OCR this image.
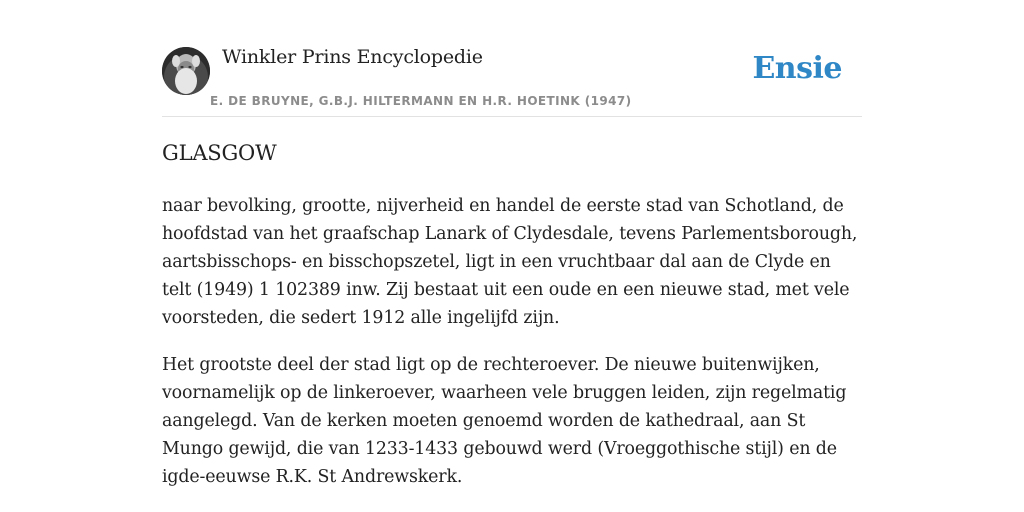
Winkler Prins Encyclopedie
E. DE BRUYNE, G.B.J. HILTERMANN EN H.R. HOETINK (1947)
Ensie
GLASGOW

naar bevolking, grootte, nijverheid en handel de eerste stad van Schotland, de hoofdstad van het graafschap Lanark of Clydesdale, tevens Parlementsborough, aartsbisschops- en bisschopszetel, ligt in een vruchtbaar dal aan de Clyde en telt (1949) 1 102389 inw. Zij bestaat uit een oude en een nieuwe stad, met vele voorsteden, die sedert 1912 alle ingelijfd zijn.

Het grootste deel der stad ligt op de rechteroever. De nieuwe buitenwijken, voornamelijk op de linkeroever, waarheen vele bruggen leiden, zijn regelmatig aangelegd. Van de kerken moeten genoemd worden de kathedraal, aan St Mungo gewijd, die van 1233-1433 gebouwd werd (Vroeggothische stijl) en de igde-eeuwse R.K. St Andrewskerk.
